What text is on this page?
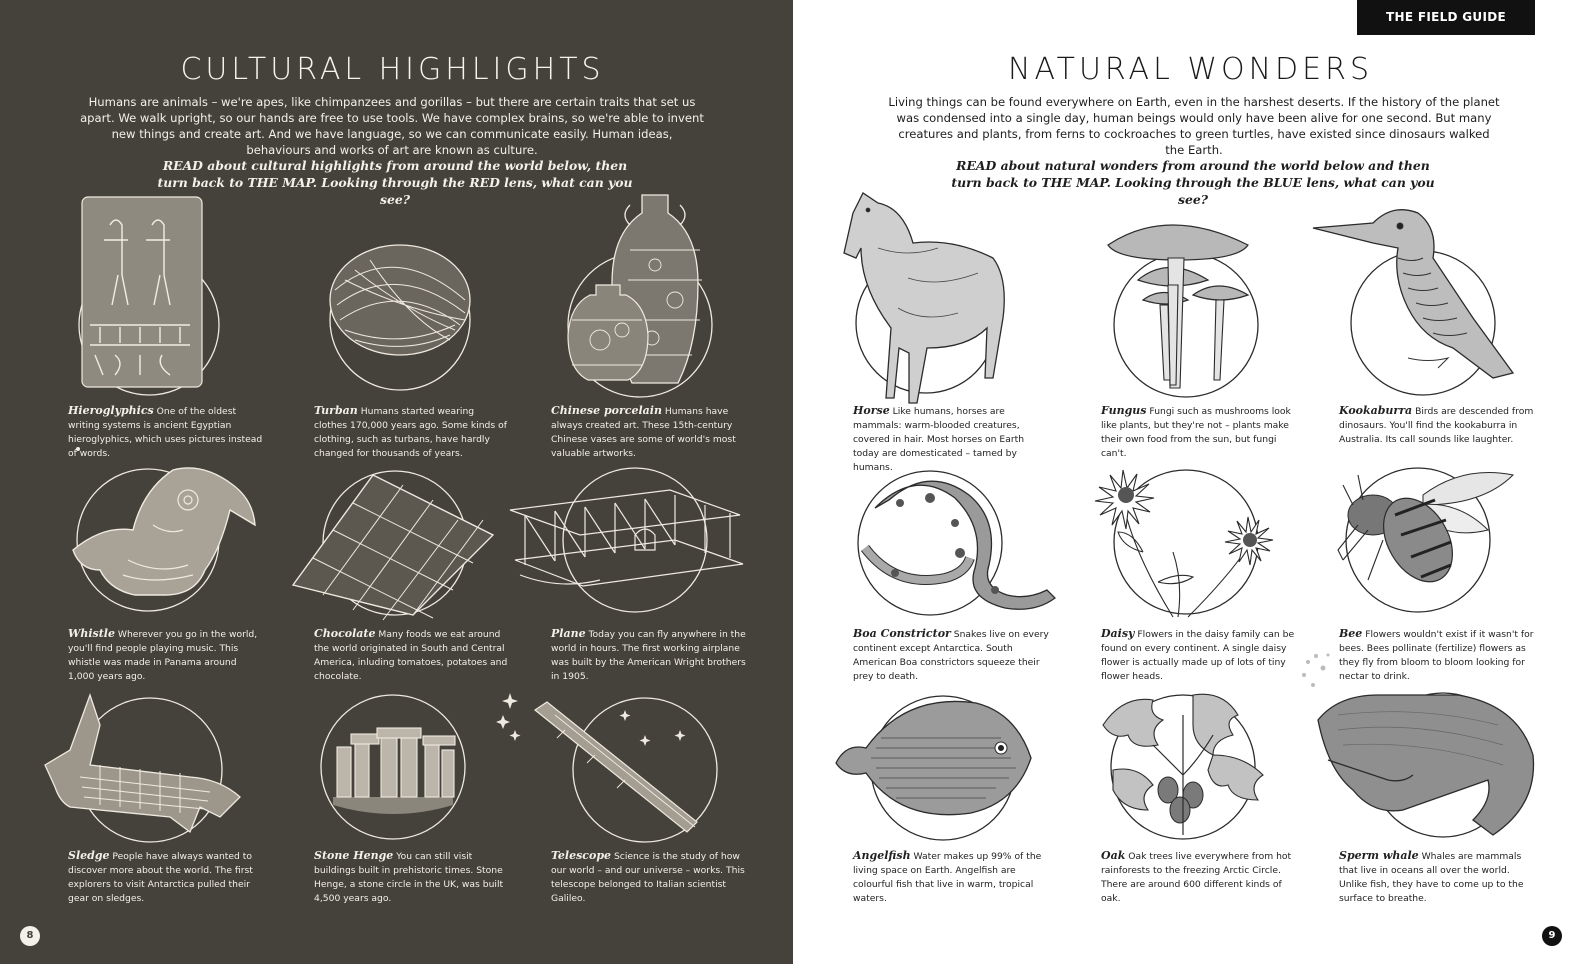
CULTURAL HIGHLIGHTS
Humans are animals – we're apes, like chimpanzees and gorillas – but there are certain traits that set us apart. We walk upright, so our hands are free to use tools. We have complex brains, so we're able to invent new things and create art. And we have language, so we can communicate easily. Human ideas, behaviours and works of art are known as culture.
READ about cultural highlights from around the world below, then turn back to THE MAP. Looking through the RED lens, what can you see?
Hieroglyphics One of the oldest writing systems is ancient Egyptian hieroglyphics, which uses pictures instead of words.
Turban Humans started wearing clothes 170,000 years ago. Some kinds of clothing, such as turbans, have hardly changed for thousands of years.
Chinese porcelain Humans have always created art. These 15th-century Chinese vases are some of world's most valuable artworks.
Whistle Wherever you go in the world, you'll find people playing music. This whistle was made in Panama around 1,000 years ago.
Chocolate Many foods we eat around the world originated in South and Central America, inluding tomatoes, potatoes and chocolate.
Plane Today you can fly anywhere in the world in hours. The first working airplane was built by the American Wright brothers in 1905.
Sledge People have always wanted to discover more about the world. The first explorers to visit Antarctica pulled their gear on sledges.
Stone Henge You can still visit buildings built in prehistoric times. Stone Henge, a stone circle in the UK, was built 4,500 years ago.
Telescope Science is the study of how our world – and our universe – works. This telescope belonged to Italian scientist Galileo.
8
THE FIELD GUIDE
NATURAL WONDERS
Living things can be found everywhere on Earth, even in the harshest deserts. If the history of the planet was condensed into a single day, human beings would only have been alive for one second. But many creatures and plants, from ferns to cockroaches to green turtles, have existed since dinosaurs walked the Earth.
READ about natural wonders from around the world below and then turn back to THE MAP. Looking through the BLUE lens, what can you see?
Horse Like humans, horses are mammals: warm-blooded creatures, covered in hair. Most horses on Earth today are domesticated – tamed by humans.
Fungus Fungi such as mushrooms look like plants, but they're not – plants make their own food from the sun, but fungi can't.
Kookaburra Birds are descended from dinosaurs. You'll find the kookaburra in Australia. Its call sounds like laughter.
Boa Constrictor Snakes live on every continent except Antarctica. South American Boa constrictors squeeze their prey to death.
Daisy Flowers in the daisy family can be found on every continent. A single daisy flower is actually made up of lots of tiny flower heads.
Bee Flowers wouldn't exist if it wasn't for bees. Bees pollinate (fertilize) flowers as they fly from bloom to bloom looking for nectar to drink.
Angelfish Water makes up 99% of the living space on Earth. Angelfish are colourful fish that live in warm, tropical waters.
Oak Oak trees live everywhere from hot rainforests to the freezing Arctic Circle. There are around 600 different kinds of oak.
Sperm whale Whales are mammals that live in oceans all over the world. Unlike fish, they have to come up to the surface to breathe.
9
